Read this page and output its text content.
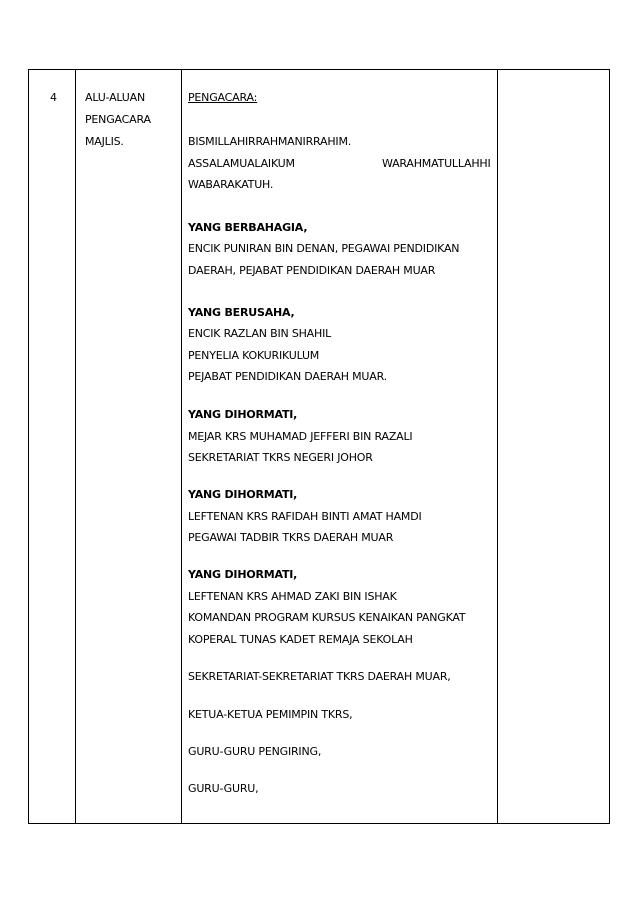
4	ALU-ALUAN
PENGACARA
MAJLIS.
PENGACARA:
BISMILLAHIRRAHMANIRRAHIM.
ASSALAMUALAIKUM	WARAHMATULLAHHI
WABARAKATUH.
YANG BERBAHAGIA,
ENCIK PUNIRAN BIN DENAN, PEGAWAI PENDIDIKAN
DAERAH, PEJABAT PENDIDIKAN DAERAH MUAR
YANG BERUSAHA,
ENCIK RAZLAN BIN SHAHIL
PENYELIA KOKURIKULUM
PEJABAT PENDIDIKAN DAERAH MUAR.
YANG DIHORMATI,
MEJAR KRS MUHAMAD JEFFERI BIN RAZALI
SEKRETARIAT TKRS NEGERI JOHOR
YANG DIHORMATI,
LEFTENAN KRS RAFIDAH BINTI AMAT HAMDI
PEGAWAI TADBIR TKRS DAERAH MUAR
YANG DIHORMATI,
LEFTENAN KRS AHMAD ZAKI BIN ISHAK
KOMANDAN PROGRAM KURSUS KENAIKAN PANGKAT
KOPERAL TUNAS KADET REMAJA SEKOLAH
SEKRETARIAT-SEKRETARIAT TKRS DAERAH MUAR,
KETUA-KETUA PEMIMPIN TKRS,
GURU-GURU PENGIRING,
GURU-GURU,
